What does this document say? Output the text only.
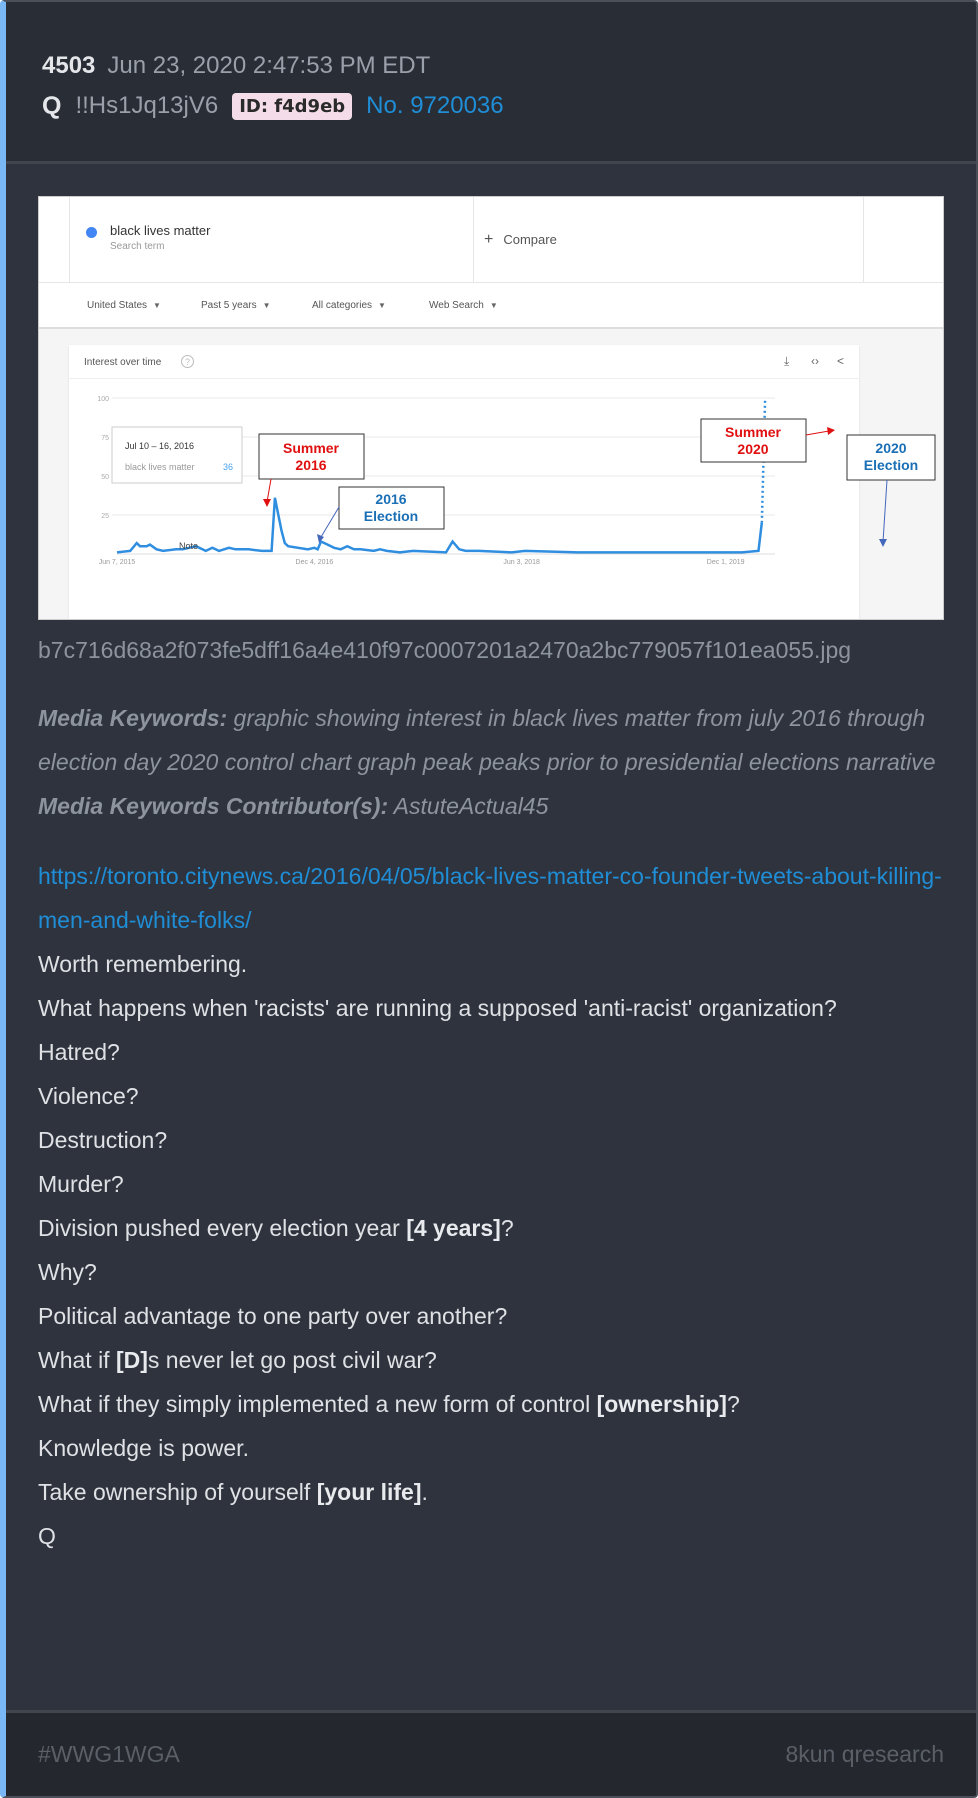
4503 Jun 23, 2020 2:47:53 PM EDT
Q !!Hs1Jq13jV6	ID: f4d9eb No. 9720036
black lives matter
Search term	+ Compare
United States ▼	Past 5 years ▼	All categories ▼	Web Search ▼
Interest over time	?	⤓ ‹› <
25
50
75
100
Jun 7, 2015	Dec 4, 2016	Jun 3, 2018	Dec 1, 2019
Note
Jul 10 – 16, 2016
black lives matter	36
Summer
2016
2016
Election
Summer
2020	2020
Election
b7c716d68a2f073fe5dff16a4e410f97c0007201a2470a2bc779057f101ea055.jpg
Media Keywords: graphic showing interest in black lives matter from july 2016 through election day 2020 control chart graph peak peaks prior to presidential elections narrative
Media Keywords Contributor(s): AstuteActual45
https://toronto.citynews.ca/2016/04/05/black-lives-matter-co-founder-tweets-about-killing-men-and-white-folks/
Worth remembering.
What happens when 'racists' are running a supposed 'anti-racist' organization?
Hatred?
Violence?
Destruction?
Murder?
Division pushed every election year [4 years]?
Why?
Political advantage to one party over another?
What if [D]s never let go post civil war?
What if they simply implemented a new form of control [ownership]?
Knowledge is power.
Take ownership of yourself [your life].
Q
#WWG1WGA	8kun qresearch
